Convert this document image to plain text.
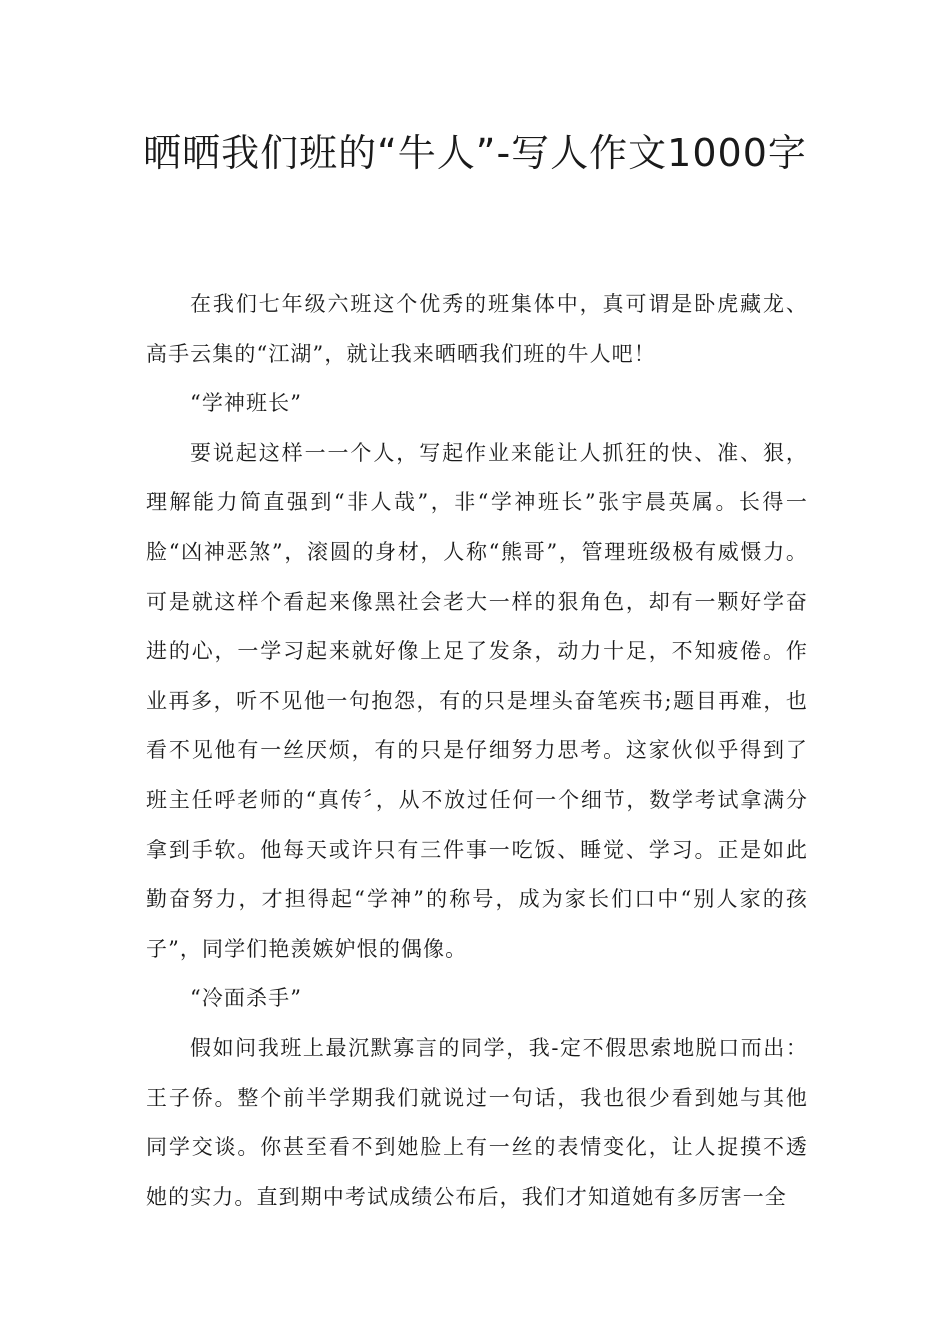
晒晒我们班的“牛人”-写人作文1000字

在我们七年级六班这个优秀的班集体中，真可谓是卧虎藏龙、高手云集的“江湖”，就让我来晒晒我们班的牛人吧！

“学神班长”

要说起这样一一个人，写起作业来能让人抓狂的快、准、狠，理解能力简直强到“非人哉”，非“学神班长”张宇晨英属。长得一脸“凶神恶煞”，滚圆的身材，人称“熊哥”，管理班级极有威慑力。可是就这样个看起来像黑社会老大一样的狠角色，却有一颗好学奋进的心，一学习起来就好像上足了发条，动力十足，不知疲倦。作业再多，听不见他一句抱怨，有的只是埋头奋笔疾书;题目再难，也看不见他有一丝厌烦，有的只是仔细努力思考。这家伙似乎得到了班主任呼老师的“真传〞，从不放过任何一个细节，数学考试拿满分拿到手软。他每天或许只有三件事一吃饭、睡觉、学习。正是如此勤奋努力，才担得起“学神”的称号，成为家长们口中“别人家的孩子”，同学们艳羡嫉妒恨的偶像。

“冷面杀手”

假如问我班上最沉默寡言的同学，我-定不假思索地脱口而出：王子侨。整个前半学期我们就说过一句话，我也很少看到她与其他同学交谈。你甚至看不到她脸上有一丝的表情变化，让人捉摸不透她的实力。直到期中考试成绩公布后，我们才知道她有多厉害一全
